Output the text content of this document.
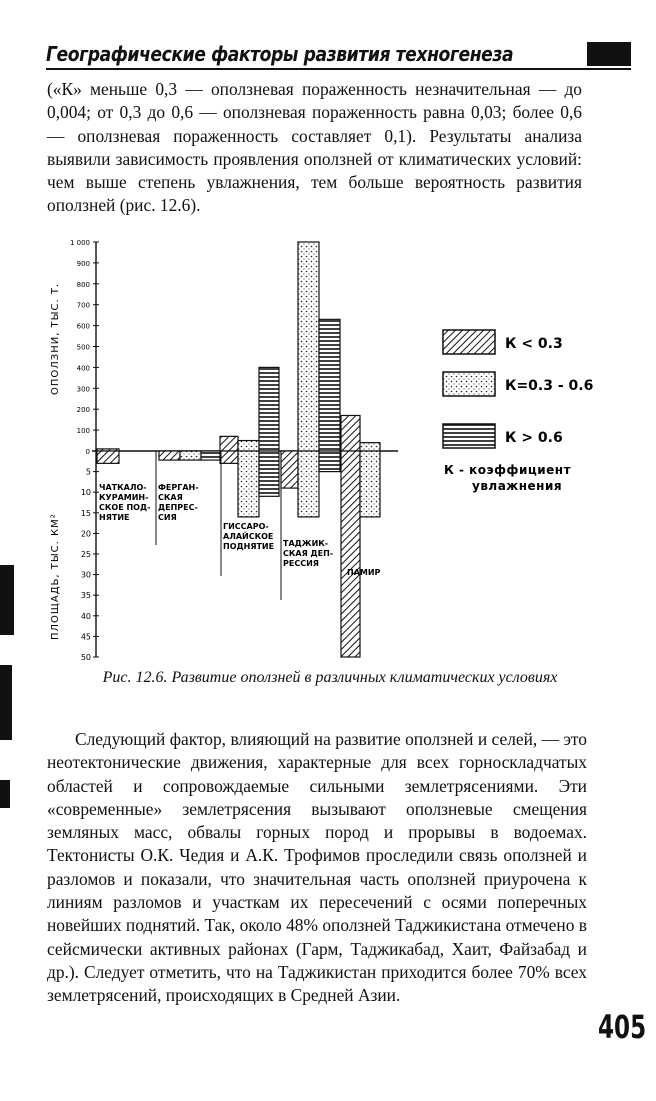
Географические факторы развития техногенеза
(«К» меньше 0,3 — оползневая пораженность незначительная — до 0,004; от 0,3 до 0,6 — оползневая пораженность равна 0,03; более 0,6 — оползневая пораженность составляет 0,1). Результаты анализа выявили зависимость проявления оползней от климатических условий: чем выше степень увлажнения, тем больше вероятность развития оползней (рис. 12.6).
1 000
900
800
700
600
500
400
300
200
100
0
5
10
15
20
25
30
35
40
45
50
ОПОЛЗНИ, ТЫС. Т.
ПЛОЩАДЬ, ТЫС. КМ²
ЧАТКАЛО-
КУРАМИН-
СКОЕ ПОД-
НЯТИЕ
ФЕРГАН-
СКАЯ
ДЕПРЕС-
СИЯ
ГИССАРО-
АЛАЙСКОЕ
ПОДНЯТИЕ ТАДЖИК-
СКАЯ ДЕП-
РЕССИЯ
ПАМИР
К < 0.3
К=0.3 - 0.6
К > 0.6
К - коэффициент
увлажнения
Рис. 12.6. Развитие оползней в различных климатических условиях
Следующий фактор, влияющий на развитие оползней и селей, — это неотектонические движения, характерные для всех горноскладчатых областей и сопровождаемые сильными землетрясениями. Эти «современные» землетрясения вызывают оползневые смещения земляных масс, обвалы горных пород и прорывы в водоемах. Тектонисты О.К. Чедия и А.К. Трофимов проследили связь оползней и разломов и показали, что значительная часть оползней приурочена к линиям разломов и участкам их пересечений с осями поперечных новейших поднятий. Так, около 48% оползней Таджикистана отмечено в сейсмически активных районах (Гарм, Таджикабад, Хаит, Файзабад и др.). Следует отметить, что на Таджикистан приходится более 70% всех землетрясений, происходящих в Средней Азии.
405
